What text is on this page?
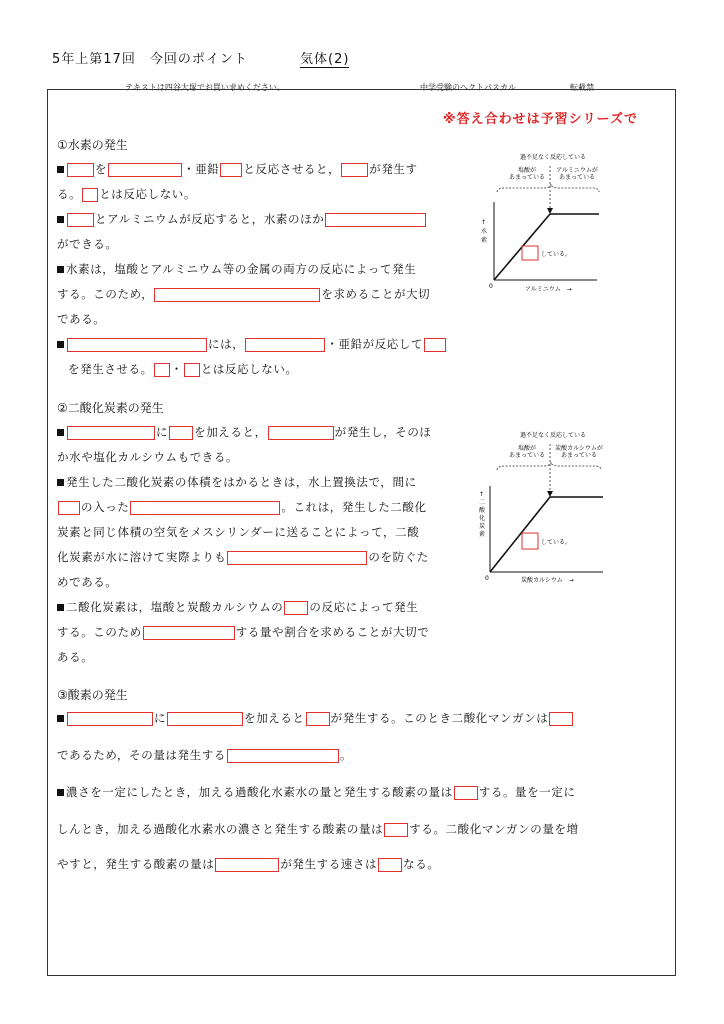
5年上第17回　今回のポイント	気体(2)
テキストは四谷大塚でお買い求めください。	中学受験のヘクトパスカル	転載禁
※答え合わせは予習シリーズで
①水素の発生
を	・亜鉛 と反応させると，	が発生す
る。 とは反応しない。
とアルミニウムが反応すると，水素のほか
ができる。
水素は，塩酸とアルミニウム等の金属の両方の反応によって発生
する。このため，	を求めることが大切
である。
には，	・亜鉛が反応して
を発生させる。 ・ とは反応しない。
②二酸化炭素の発生
に を加えると，	が発生し，そのほ
か水や塩化カルシウムもできる。
発生した二酸化炭素の体積をはかるときは，水上置換法で，間に
の入った	。これは，発生した二酸化
炭素と同じ体積の空気をメスシリンダーに送ることによって，二酸
化炭素が水に溶けて実際よりも	のを防ぐた
めである。
二酸化炭素は，塩酸と炭酸カルシウムの の反応によって発生
する。このため	する量や割合を求めることが大切で
ある。
③酸素の発生
に	を加えると が発生する。このとき二酸化マンガンは
であるため，その量は発生する	。
濃さを一定にしたとき，加える過酸化水素水の量と発生する酸素の量は する。量を一定に
しんとき，加える過酸化水素水の濃さと発生する酸素の量は する。二酸化マンガンの量を増
やすと，発生する酸素の量は	が発生する速さは なる。
過不足なく反応している
塩酸があまっている
アルミニウムがあまっている
↑水素
している。
0	アルミニウム　→
過不足なく反応している
塩酸があまっている
炭酸カルシウムがあまっている
↑二酸化炭素
している。
0	炭酸カルシウム　→
